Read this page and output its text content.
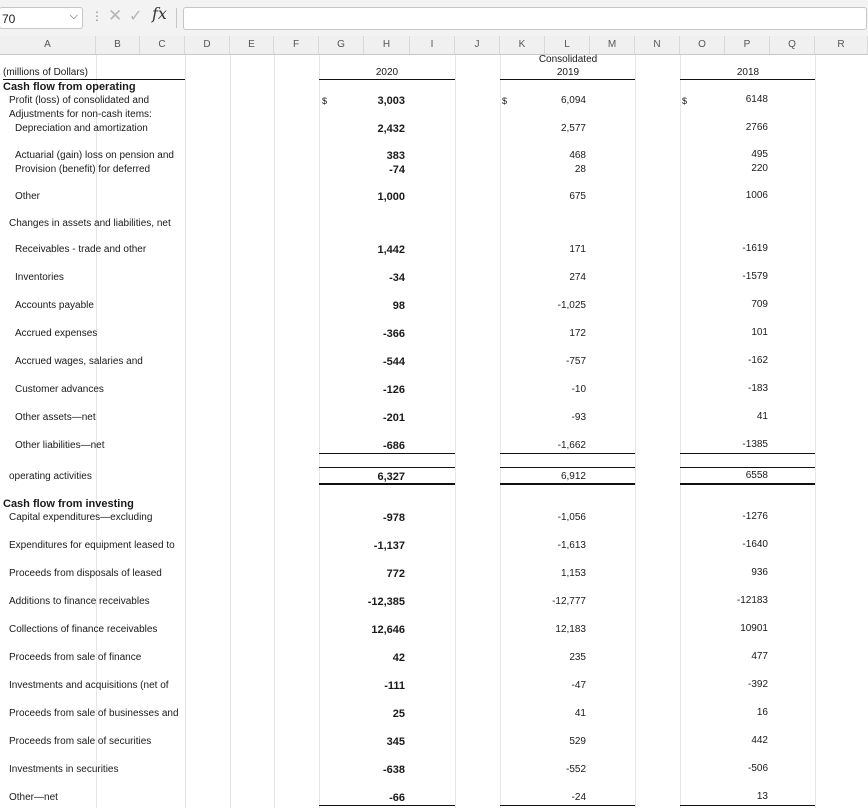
70	⌵ ⋮ ✕ ✓ fx
A	B	C	D	E	F	G	H	I	J	K	L	M	N	O	P	Q	R
Consolidated
(millions of Dollars)	2020	2019	2018
Cash flow from operating
Profit (loss) of consolidated and	$	3,003	$	6,094	$	6148
Adjustments for non-cash items:
Depreciation and amortization	2,432	2,577	2766
Actuarial (gain) loss on pension and	383	468	495
Provision (benefit) for deferred	-74	28	220
Other	1,000	675	1006
Changes in assets and liabilities, net
Receivables - trade and other	1,442	171	-1619
Inventories	-34	274	-1579
Accounts payable	98	-1,025	709
Accrued expenses	-366	172	101
Accrued wages, salaries and	-544	-757	-162
Customer advances	-126	-10	-183
Other assets—net	-201	-93	41
Other liabilities—net	-686	-1,662	-1385
operating activities	6,327	6,912	6558
Cash flow from investing
Capital expenditures—excluding	-978	-1,056	-1276
Expenditures for equipment leased to	-1,137	-1,613	-1640
Proceeds from disposals of leased	772	1,153	936
Additions to finance receivables	-12,385	-12,777	-12183
Collections of finance receivables	12,646	12,183	10901
Proceeds from sale of finance	42	235	477
Investments and acquisitions (net of	-111	-47	-392
Proceeds from sale of businesses and	25	41	16
Proceeds from sale of securities	345	529	442
Investments in securities	-638	-552	-506
Other—net	-66	-24	13
